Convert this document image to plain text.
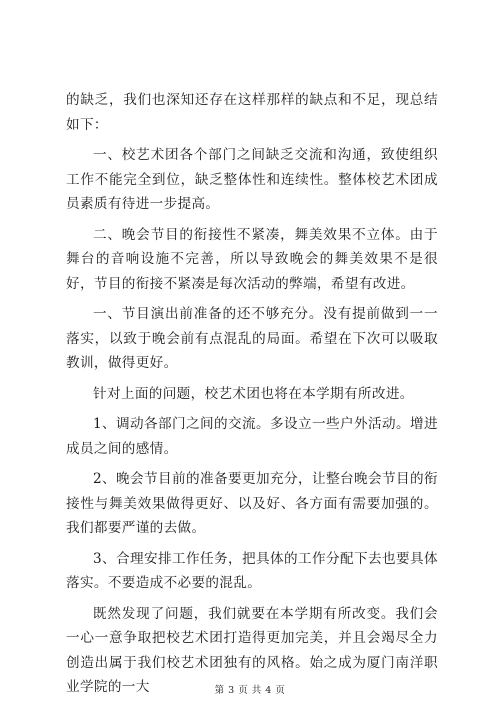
的缺乏，我们也深知还存在这样那样的缺点和不足，现总结如下：

一、校艺术团各个部门之间缺乏交流和沟通，致使组织工作不能完全到位，缺乏整体性和连续性。整体校艺术团成员素质有待进一步提高。

二、晚会节目的衔接性不紧凑，舞美效果不立体。由于舞台的音响设施不完善，所以导致晚会的舞美效果不是很好，节目的衔接不紧凑是每次活动的弊端，希望有改进。

一、节目演出前准备的还不够充分。没有提前做到一一落实，以致于晚会前有点混乱的局面。希望在下次可以吸取教训，做得更好。

针对上面的问题，校艺术团也将在本学期有所改进。

1、调动各部门之间的交流。多设立一些户外活动。增进成员之间的感情。

2、晚会节目前的准备要更加充分，让整台晚会节目的衔接性与舞美效果做得更好、以及好、各方面有需要加强的。我们都要严谨的去做。

3、合理安排工作任务，把具体的工作分配下去也要具体落实。不要造成不必要的混乱。

既然发现了问题，我们就要在本学期有所改变。我们会一心一意争取把校艺术团打造得更加完美，并且会竭尽全力创造出属于我们校艺术团独有的风格。始之成为厦门南洋职业学院的一大	第 3 页 共 4 页
